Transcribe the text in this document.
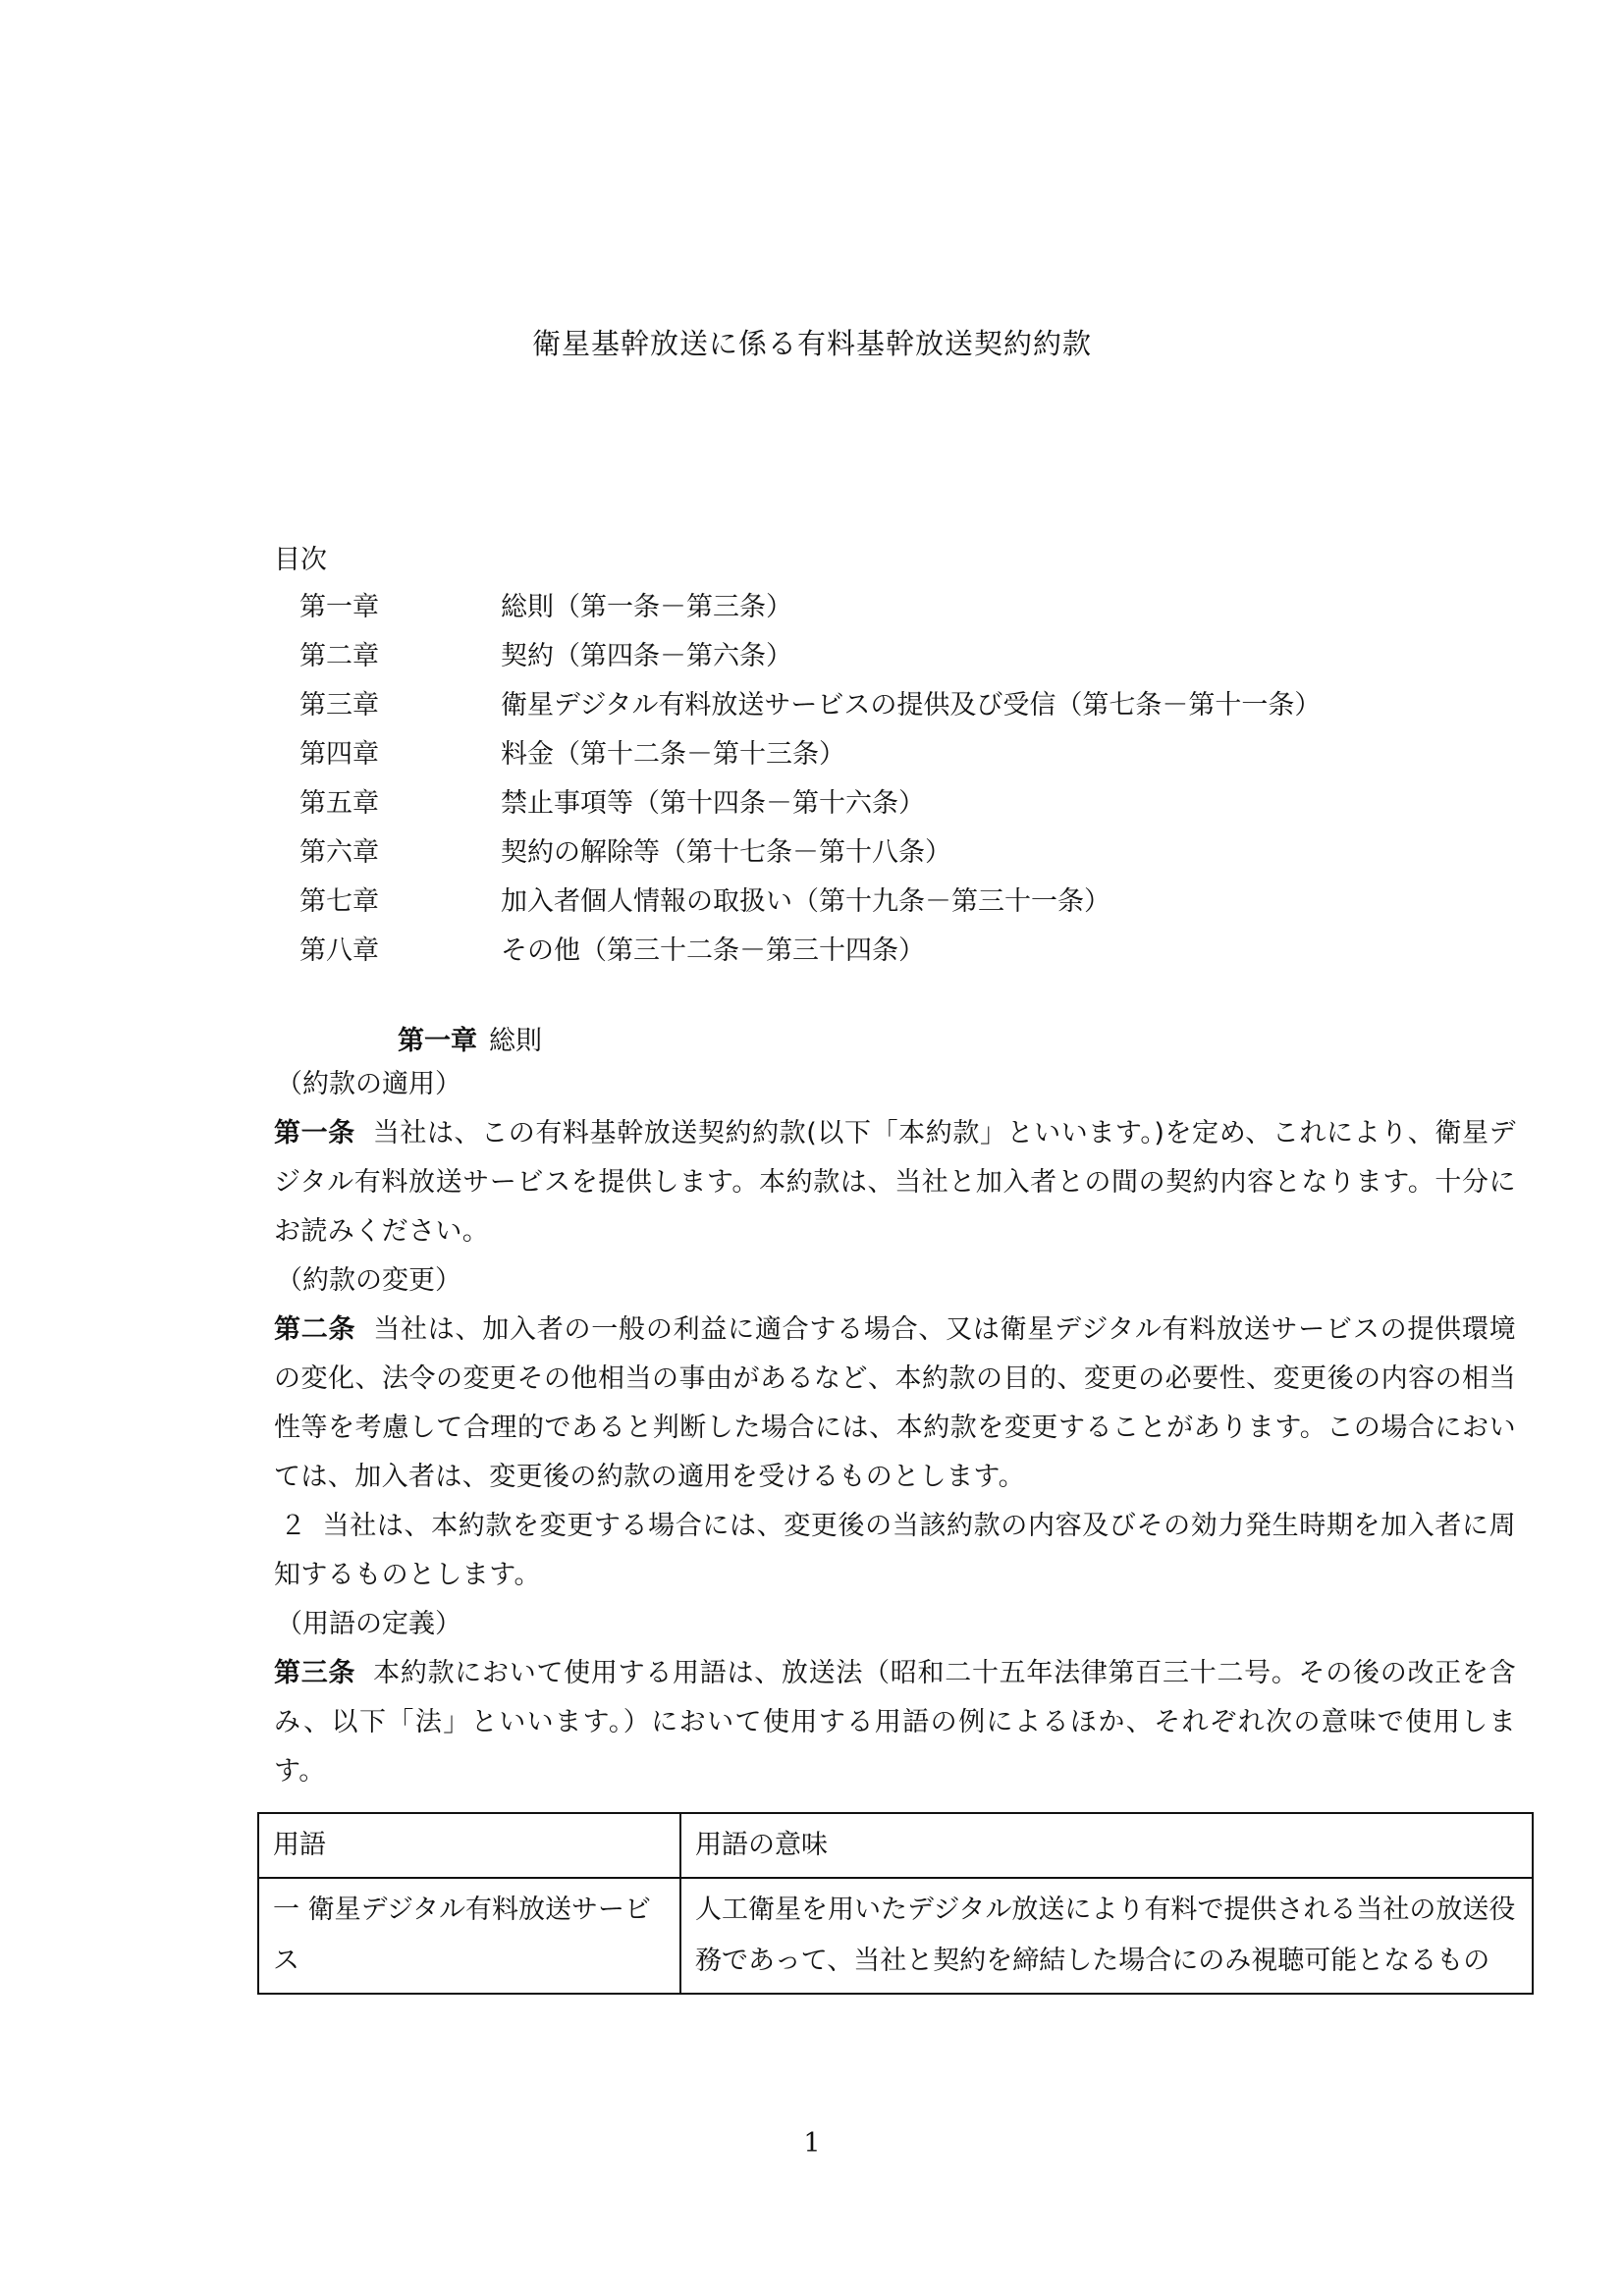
衛星基幹放送に係る有料基幹放送契約約款
目次
第一章	総則（第一条－第三条）
第二章	契約（第四条－第六条）
第三章	衛星デジタル有料放送サービスの提供及び受信（第七条－第十一条）
第四章	料金（第十二条－第十三条）
第五章	禁止事項等（第十四条－第十六条）
第六章	契約の解除等（第十七条－第十八条）
第七章	加入者個人情報の取扱い（第十九条－第三十一条）
第八章	その他（第三十二条－第三十四条）
第一章 総則
（約款の適用）
第一条 当社は、この有料基幹放送契約約款(以下「本約款」といいます。)を定め、これにより、衛星デジタル有料放送サービスを提供します。本約款は、当社と加入者との間の契約内容となります。十分にお読みください。
（約款の変更）
第二条 当社は、加入者の一般の利益に適合する場合、又は衛星デジタル有料放送サービスの提供環境の変化、法令の変更その他相当の事由があるなど、本約款の目的、変更の必要性、変更後の内容の相当性等を考慮して合理的であると判断した場合には、本約款を変更することがあります。この場合においては、加入者は、変更後の約款の適用を受けるものとします。
２ 当社は、本約款を変更する場合には、変更後の当該約款の内容及びその効力発生時期を加入者に周知するものとします。
（用語の定義）
第三条 本約款において使用する用語は、放送法（昭和二十五年法律第百三十二号。その後の改正を含み、以下「法」といいます。）において使用する用語の例によるほか、それぞれ次の意味で使用します。
用語	用語の意味
一 衛星デジタル有料放送サービス	人工衛星を用いたデジタル放送により有料で提供される当社の放送役務であって、当社と契約を締結した場合にのみ視聴可能となるもの
1
